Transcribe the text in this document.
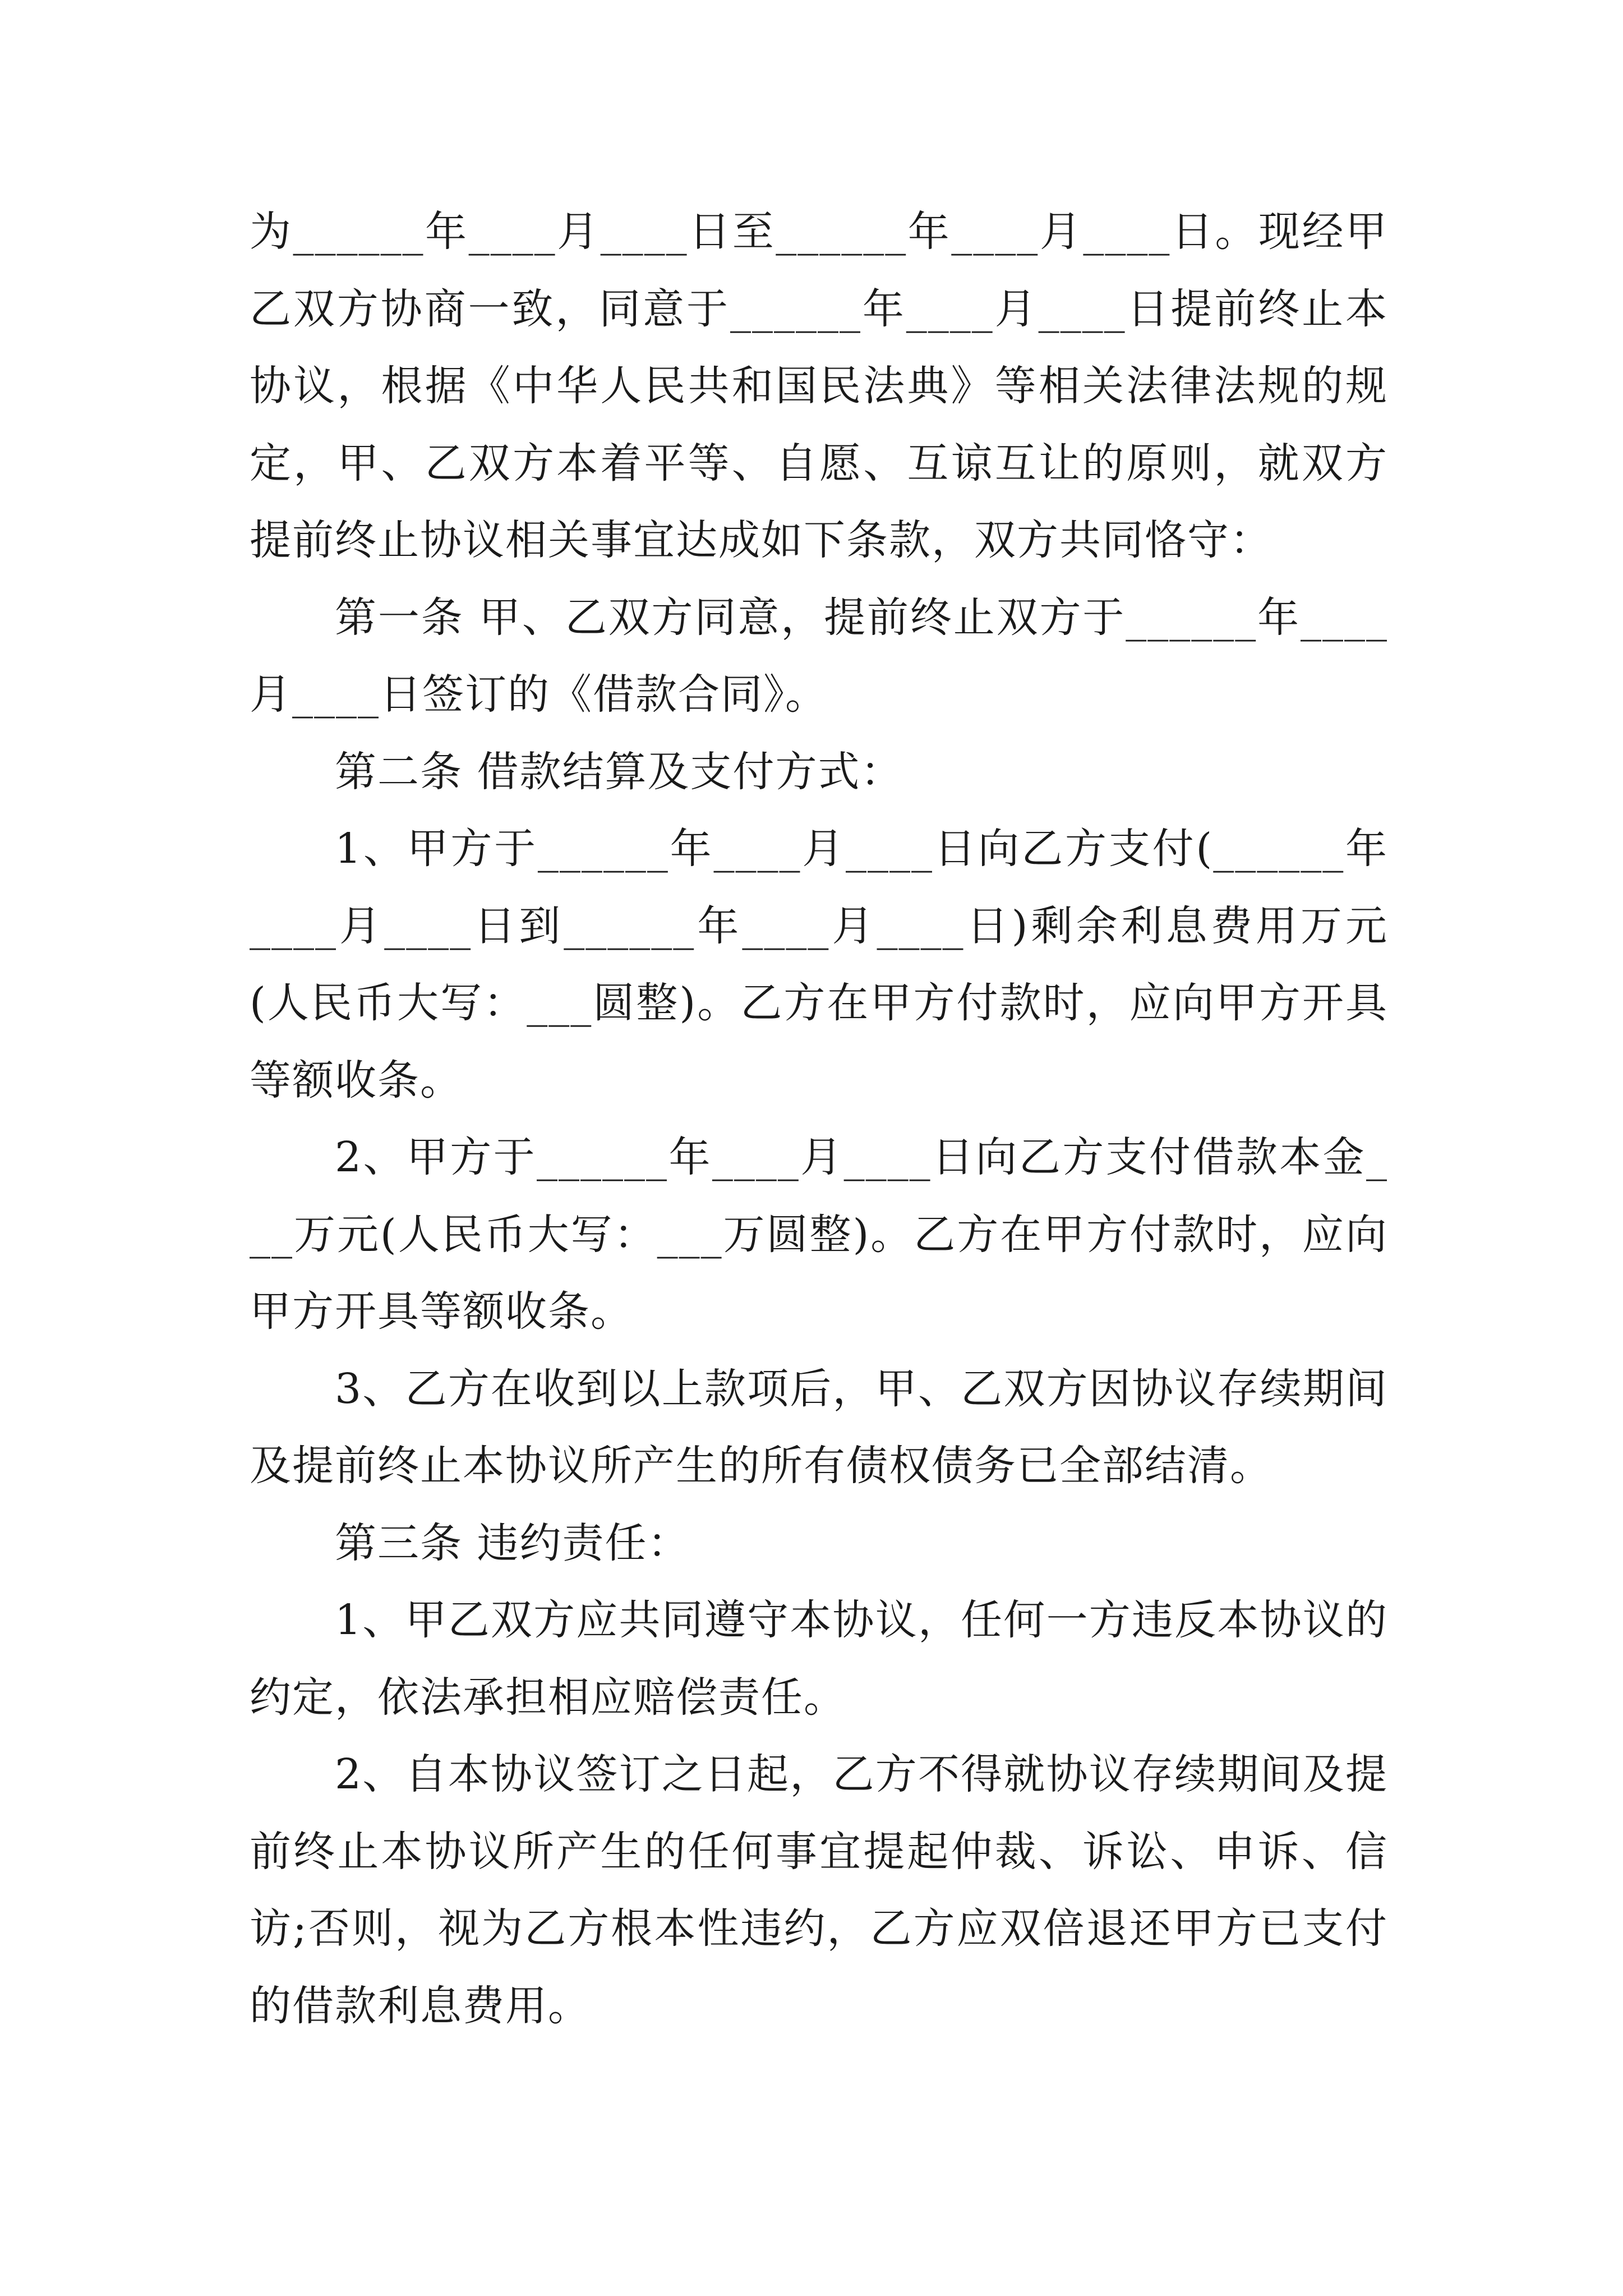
为______年____月____日至______年____月____日。现经甲乙双方协商一致，同意于______年____月____日提前终止本协议，根据《中华人民共和国民法典》等相关法律法规的规定，甲、乙双方本着平等、自愿、互谅互让的原则，就双方提前终止协议相关事宜达成如下条款，双方共同恪守：

第一条 甲、乙双方同意，提前终止双方于______年____月____日签订的《借款合同》。

第二条 借款结算及支付方式：

1、甲方于______年____月____日向乙方支付(______年____月____日到______年____月____日)剩余利息费用万元(人民币大写：___圆整)。乙方在甲方付款时，应向甲方开具等额收条。

2、甲方于______年____月____日向乙方支付借款本金___万元(人民币大写：___万圆整)。乙方在甲方付款时，应向甲方开具等额收条。

3、乙方在收到以上款项后，甲、乙双方因协议存续期间及提前终止本协议所产生的所有债权债务已全部结清。

第三条 违约责任：

1、甲乙双方应共同遵守本协议，任何一方违反本协议的约定，依法承担相应赔偿责任。

2、自本协议签订之日起，乙方不得就协议存续期间及提前终止本协议所产生的任何事宜提起仲裁、诉讼、申诉、信访;否则，视为乙方根本性违约，乙方应双倍退还甲方已支付的借款利息费用。
